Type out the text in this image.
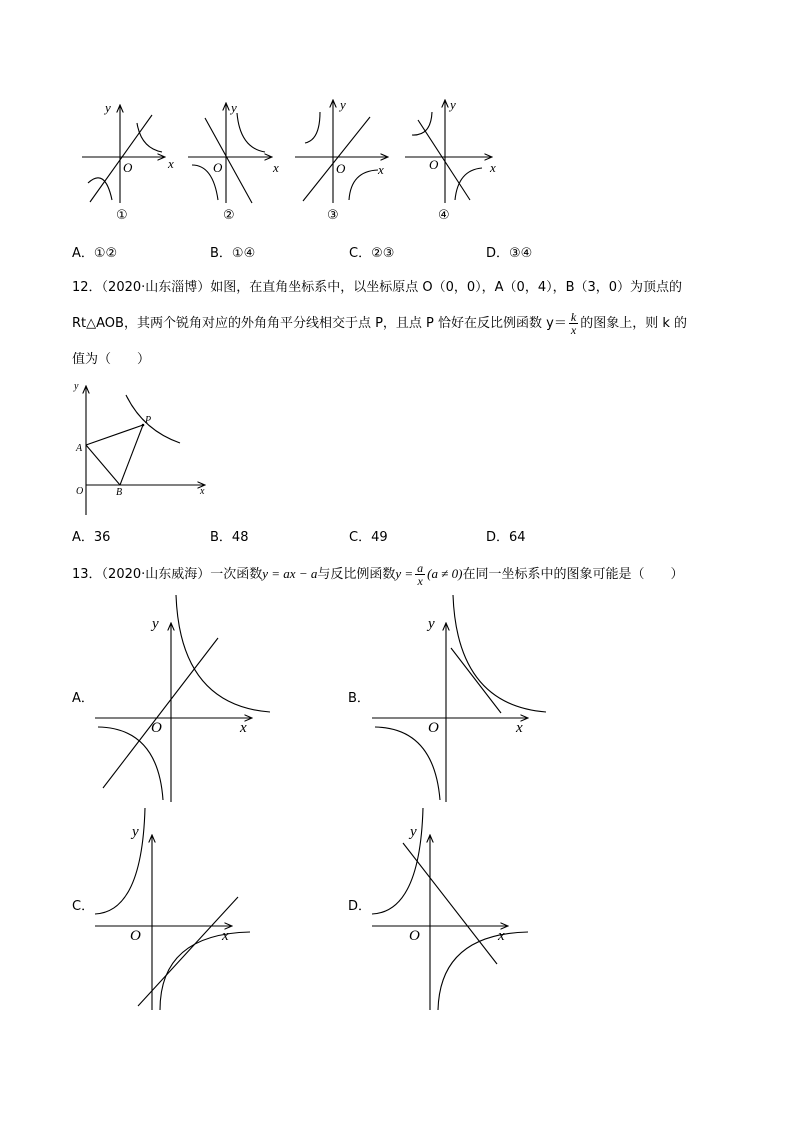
y
x
O
y
x
O
y
x
O
y
x
O
y
x
A
B
O
P
y
x
O
y
x
O
y
x
O
y
x
O
①	②	③	④
A．①②	B．①④	C．②③	D．③④
12．（2020·山东淄博）如图，在直角坐标系中，以坐标原点 O（0，0），A（0，4），B（3，0）为顶点的
Rt△AOB，其两个锐角对应的外角角平分线相交于点 P，且点 P 恰好在反比例函数 $y= \frac{k}{x}$ 的图象上，则 k 的
值为（　　）
A．36	B．48	C．49	D．64
13．（2020·山东威海）一次函数y = ax − a与反比例函数$y = \frac{a}{x} (a \ne 0)$在同一坐标系中的图象可能是（　　）
A．	B．
C．	D．
